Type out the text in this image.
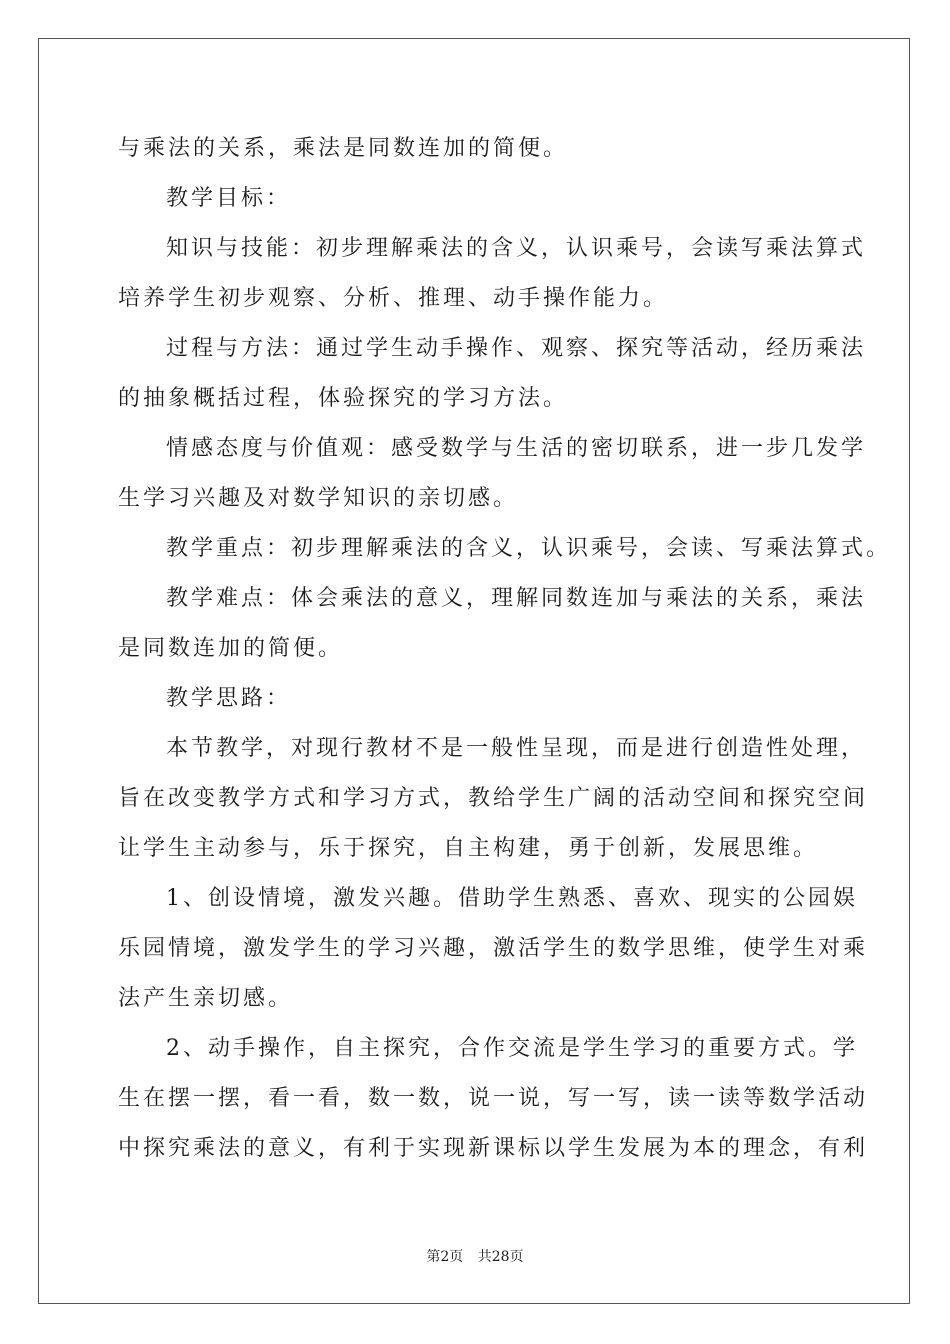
与乘法的关系，乘法是同数连加的简便。
教学目标：
知识与技能：初步理解乘法的含义，认识乘号，会读写乘法算式
培养学生初步观察、分析、推理、动手操作能力。
过程与方法：通过学生动手操作、观察、探究等活动，经历乘法
的抽象概括过程，体验探究的学习方法。
情感态度与价值观：感受数学与生活的密切联系，进一步几发学
生学习兴趣及对数学知识的亲切感。
教学重点：初步理解乘法的含义，认识乘号，会读、写乘法算式。
教学难点：体会乘法的意义，理解同数连加与乘法的关系，乘法
是同数连加的简便。
教学思路：
本节教学，对现行教材不是一般性呈现，而是进行创造性处理，
旨在改变教学方式和学习方式，教给学生广阔的活动空间和探究空间
让学生主动参与，乐于探究，自主构建，勇于创新，发展思维。
1、创设情境，激发兴趣。借助学生熟悉、喜欢、现实的公园娱
乐园情境，激发学生的学习兴趣，激活学生的数学思维，使学生对乘
法产生亲切感。
2、动手操作，自主探究，合作交流是学生学习的重要方式。学
生在摆一摆，看一看，数一数，说一说，写一写，读一读等数学活动
中探究乘法的意义，有利于实现新课标以学生发展为本的理念，有利
第2页 共28页
